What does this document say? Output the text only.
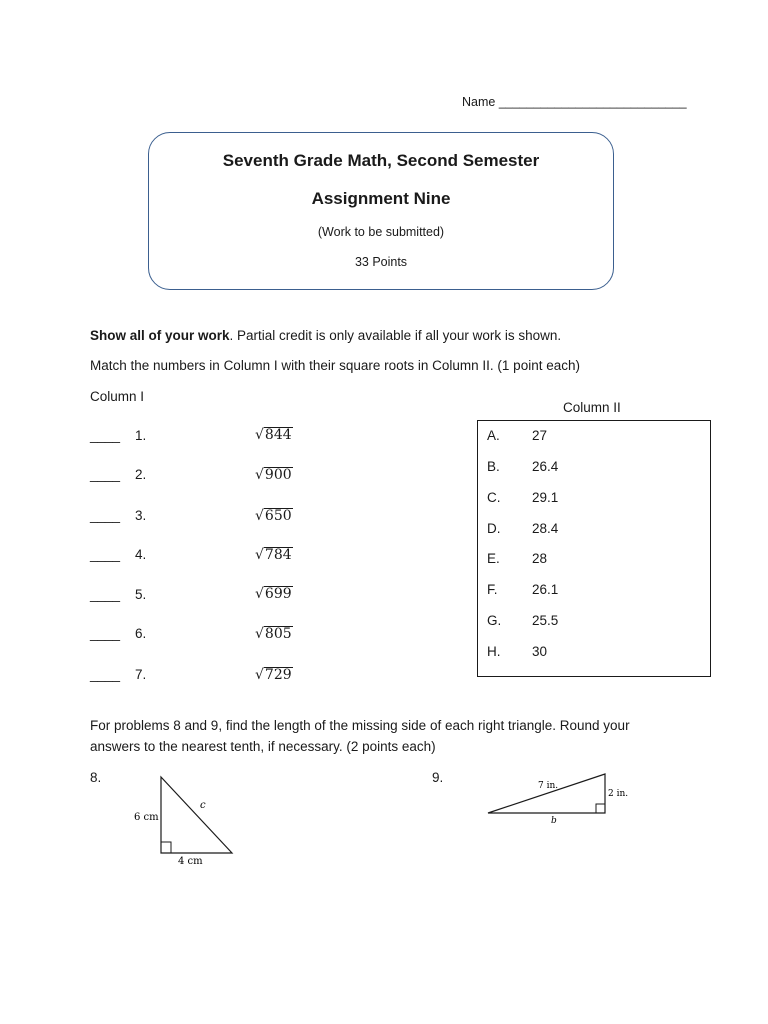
Name ___________________________
Seventh Grade Math, Second Semester
Assignment Nine
(Work to be submitted)
33 Points
Show all of your work. Partial credit is only available if all your work is shown.
Match the numbers in Column I with their square roots in Column II. (1 point each)
Column I
____ 1.	√844
____ 2.	√900
____ 3.	√650
____ 4.	√784
____ 5.	√699
____ 6.	√805
____ 7.	√729
Column II
A. 27
B. 26.4
C. 29.1
D. 28.4
E. 28
F.	26.1
G. 25.5
H. 30
For problems 8 and 9, find the length of the missing side of each right triangle. Round your
answers to the nearest tenth, if necessary. (2 points each)
8.	9.
6 cm
4 cm
c
7 in.
2 in.
b
